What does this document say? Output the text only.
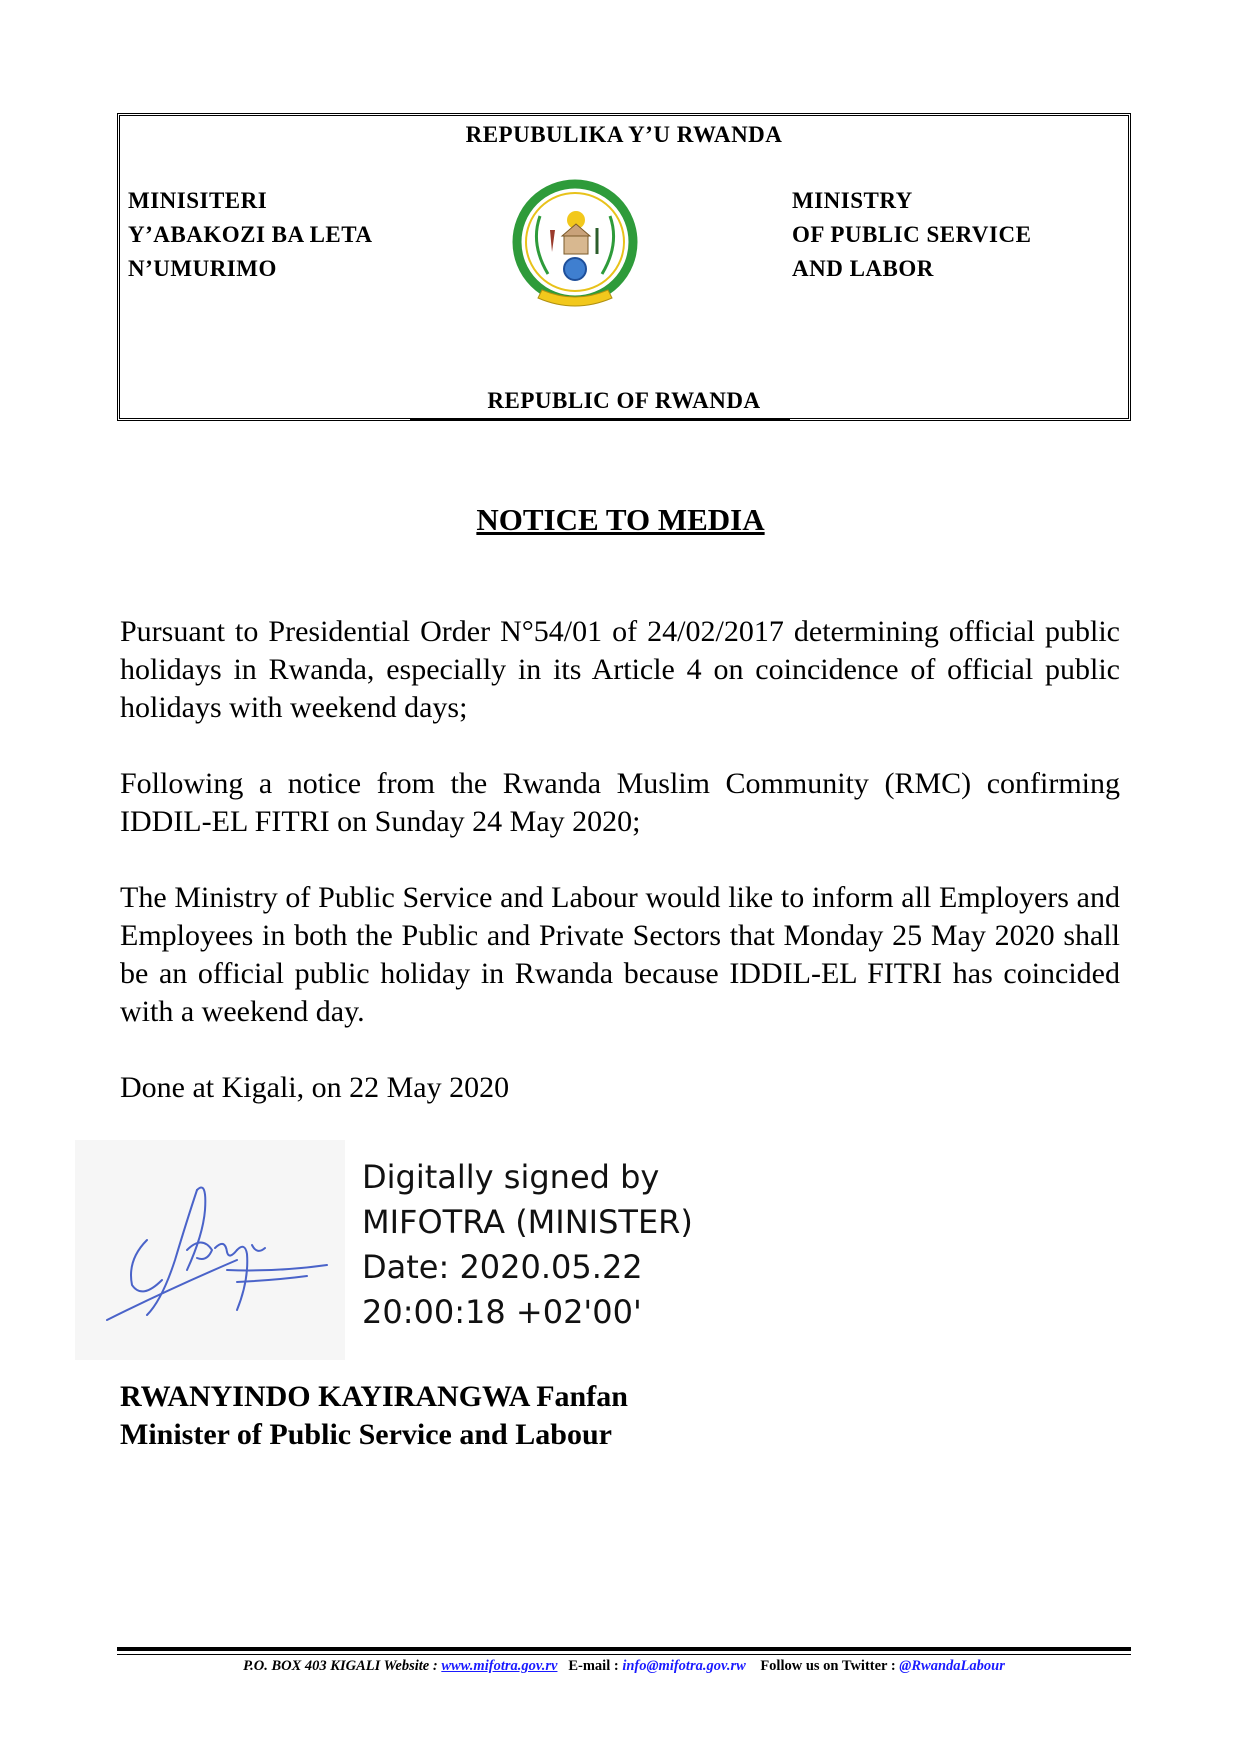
REPUBULIKA Y’U RWANDA
MINISITERI
Y’ABAKOZI BA LETA
N’UMURIMO
MINISTRY
OF PUBLIC SERVICE
AND LABOR
REPUBLIC OF RWANDA
NOTICE TO MEDIA
Pursuant to Presidential Order N°54/01 of 24/02/2017 determining official public holidays in Rwanda, especially in its Article 4 on coincidence of official public holidays with weekend days;
Following a notice from the Rwanda Muslim Community (RMC) confirming IDDIL-EL FITRI on Sunday 24 May 2020;
The Ministry of Public Service and Labour would like to inform all Employers and Employees in both the Public and Private Sectors that Monday 25 May 2020 shall be an official public holiday in Rwanda because IDDIL-EL FITRI has coincided with a weekend day.
Done at Kigali, on 22 May 2020
Digitally signed by
MIFOTRA (MINISTER)
Date: 2020.05.22
20:00:18 +02'00'
RWANYINDO KAYIRANGWA Fanfan
Minister of Public Service and Labour
P.O. BOX 403 KIGALI Website : www.mifotra.gov.rv E-mail : info@mifotra.gov.rw Follow us on Twitter : @RwandaLabour
